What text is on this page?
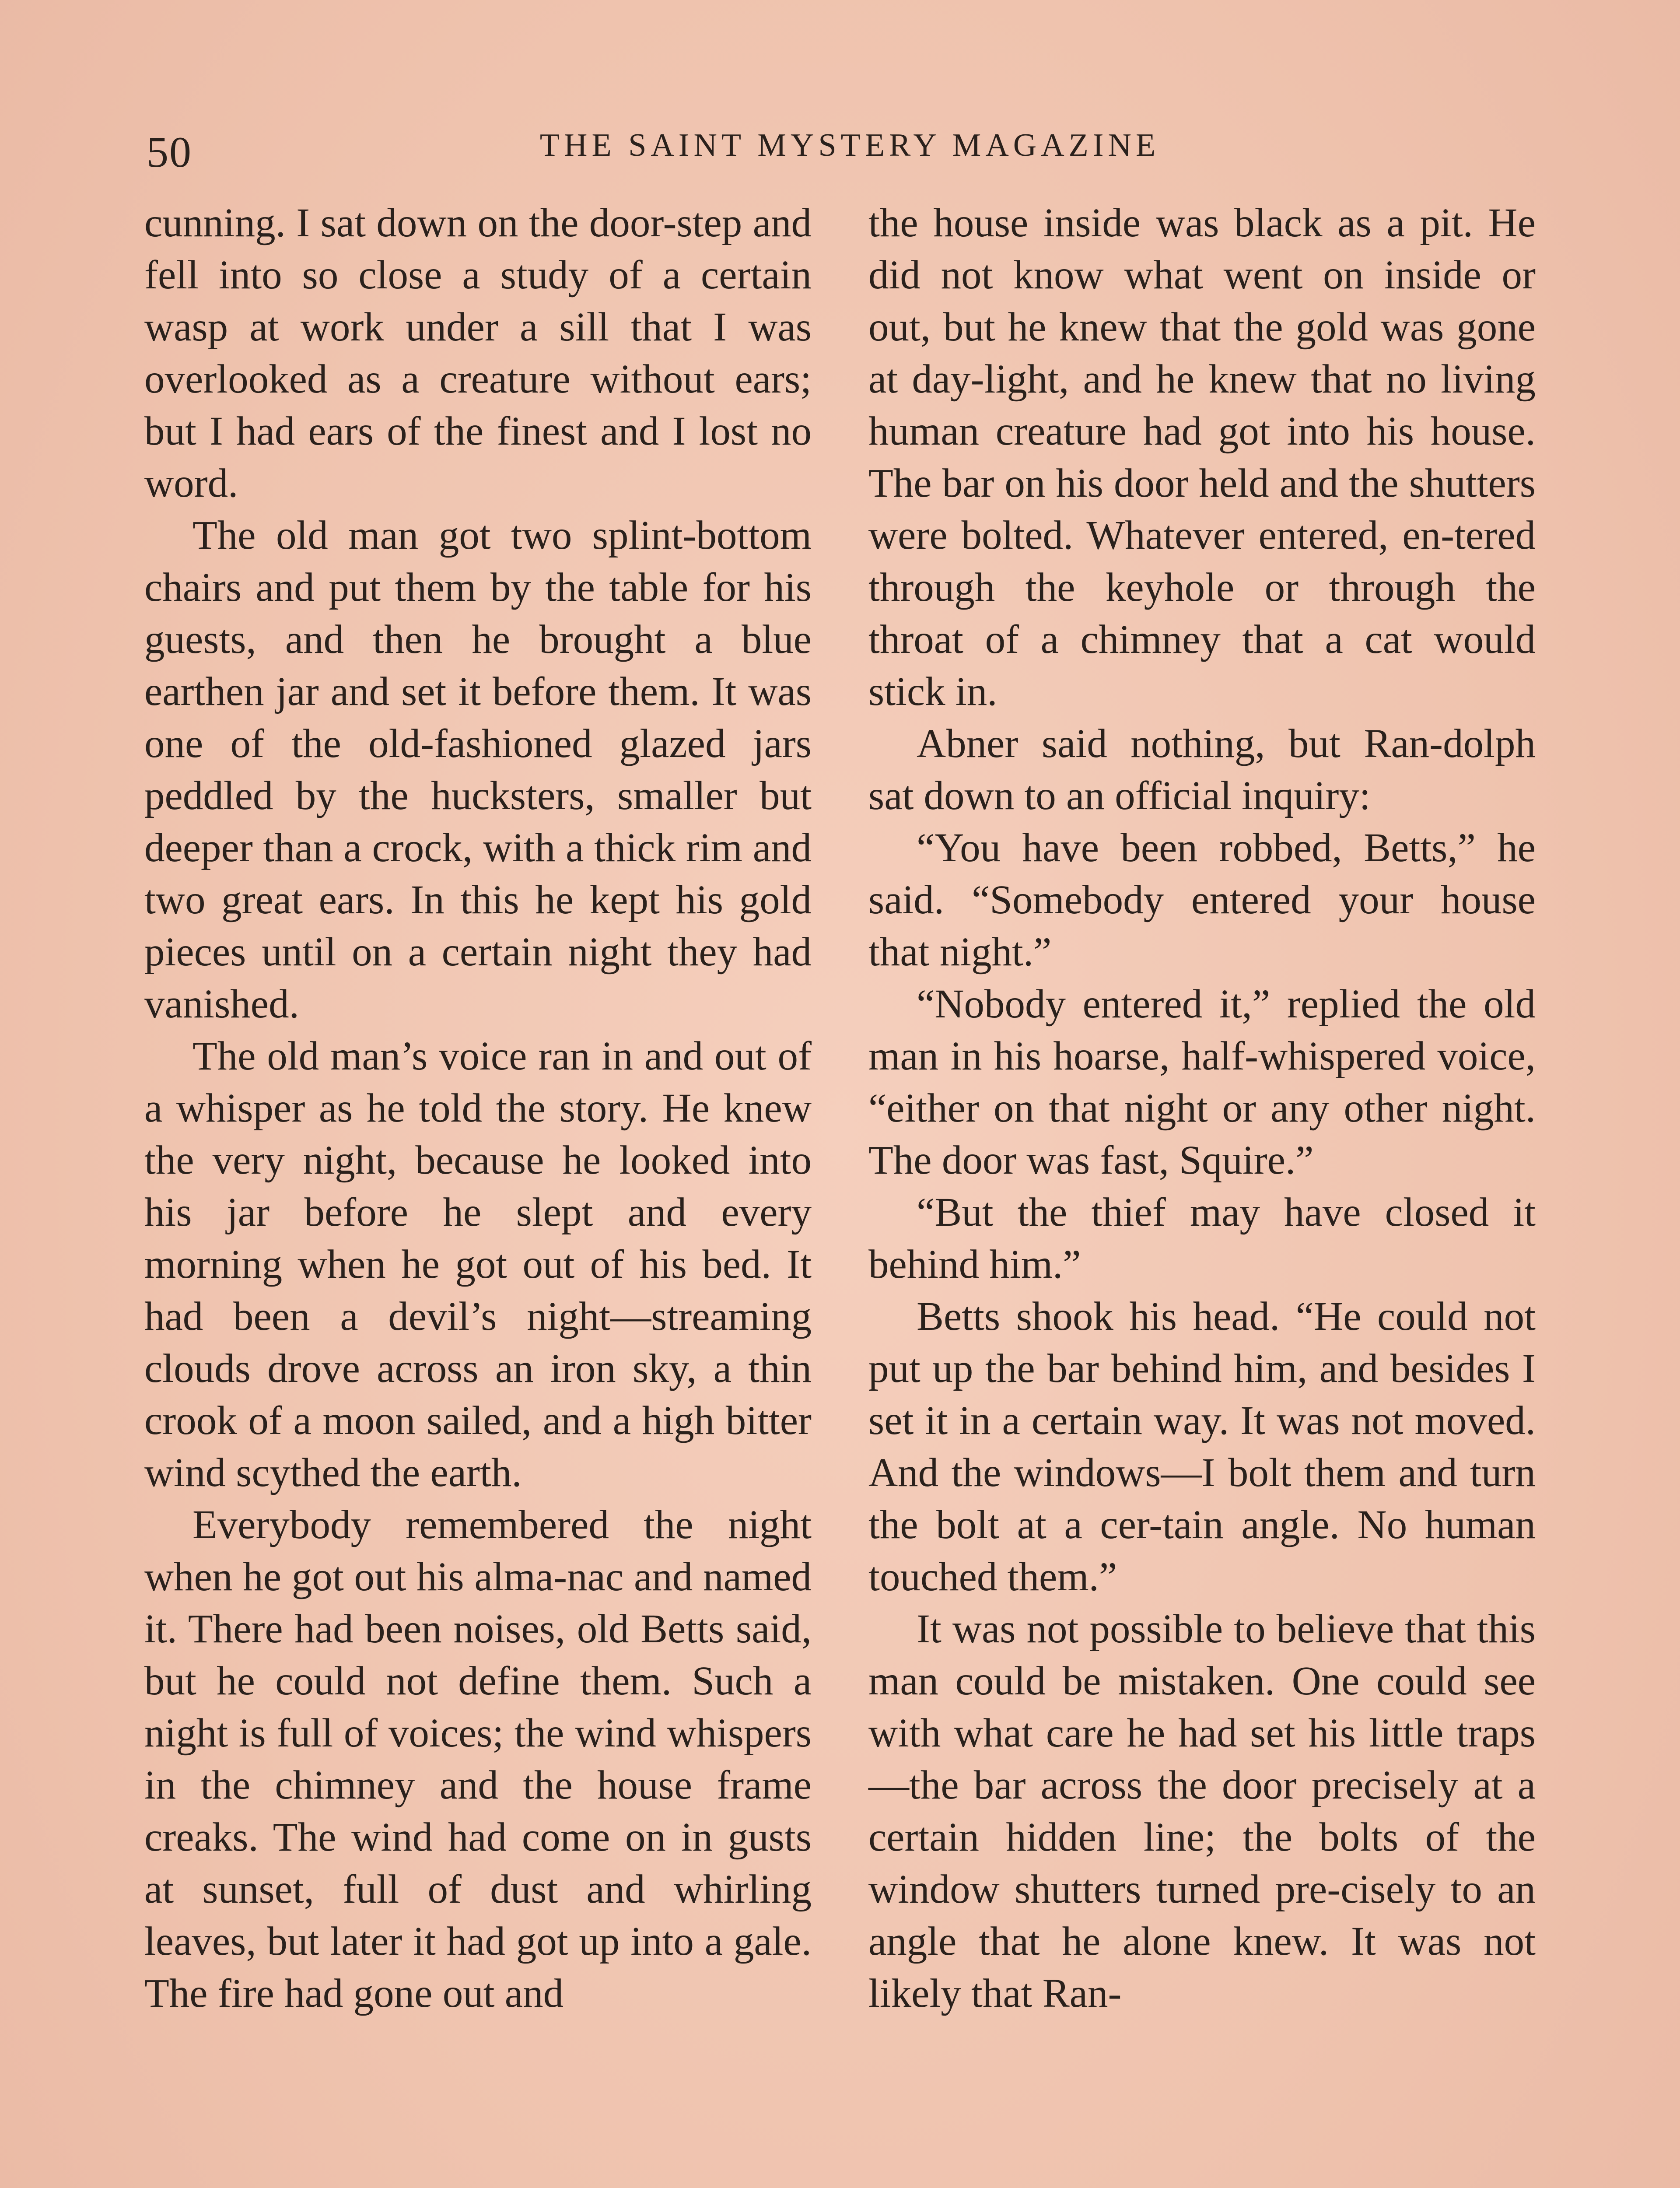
50	THE SAINT MYSTERY MAGAZINE

cunning. I sat down on the door-step and fell into so close a study of a certain wasp at work under a sill that I was overlooked as a creature without ears; but I had ears of the finest and I lost no word.

The old man got two splint-bottom chairs and put them by the table for his guests, and then he brought a blue earthen jar and set it before them. It was one of the old-fashioned glazed jars peddled by the hucksters, smaller but deeper than a crock, with a thick rim and two great ears. In this he kept his gold pieces until on a certain night they had vanished.

The old man’s voice ran in and out of a whisper as he told the story. He knew the very night, because he looked into his jar before he slept and every morning when he got out of his bed. It had been a devil’s night—streaming clouds drove across an iron sky, a thin crook of a moon sailed, and a high bitter wind scythed the earth.

Everybody remembered the night when he got out his alma-nac and named it. There had been noises, old Betts said, but he could not define them. Such a night is full of voices; the wind whispers in the chimney and the house frame creaks. The wind had come on in gusts at sunset, full of dust and whirling leaves, but later it had got up into a gale. The fire had gone out and

the house inside was black as a pit. He did not know what went on inside or out, but he knew that the gold was gone at day-light, and he knew that no living human creature had got into his house. The bar on his door held and the shutters were bolted. Whatever entered, en-tered through the keyhole or through the throat of a chimney that a cat would stick in.

Abner said nothing, but Ran-dolph sat down to an official inquiry:

“You have been robbed, Betts,” he said. “Somebody entered your house that night.”

“Nobody entered it,” replied the old man in his hoarse, half-whispered voice, “either on that night or any other night. The door was fast, Squire.”

“But the thief may have closed it behind him.”

Betts shook his head. “He could not put up the bar behind him, and besides I set it in a certain way. It was not moved. And the windows—I bolt them and turn the bolt at a cer-tain angle. No human touched them.”

It was not possible to believe that this man could be mistaken. One could see with what care he had set his little traps—the bar across the door precisely at a certain hidden line; the bolts of the window shutters turned pre-cisely to an angle that he alone knew. It was not likely that Ran-
